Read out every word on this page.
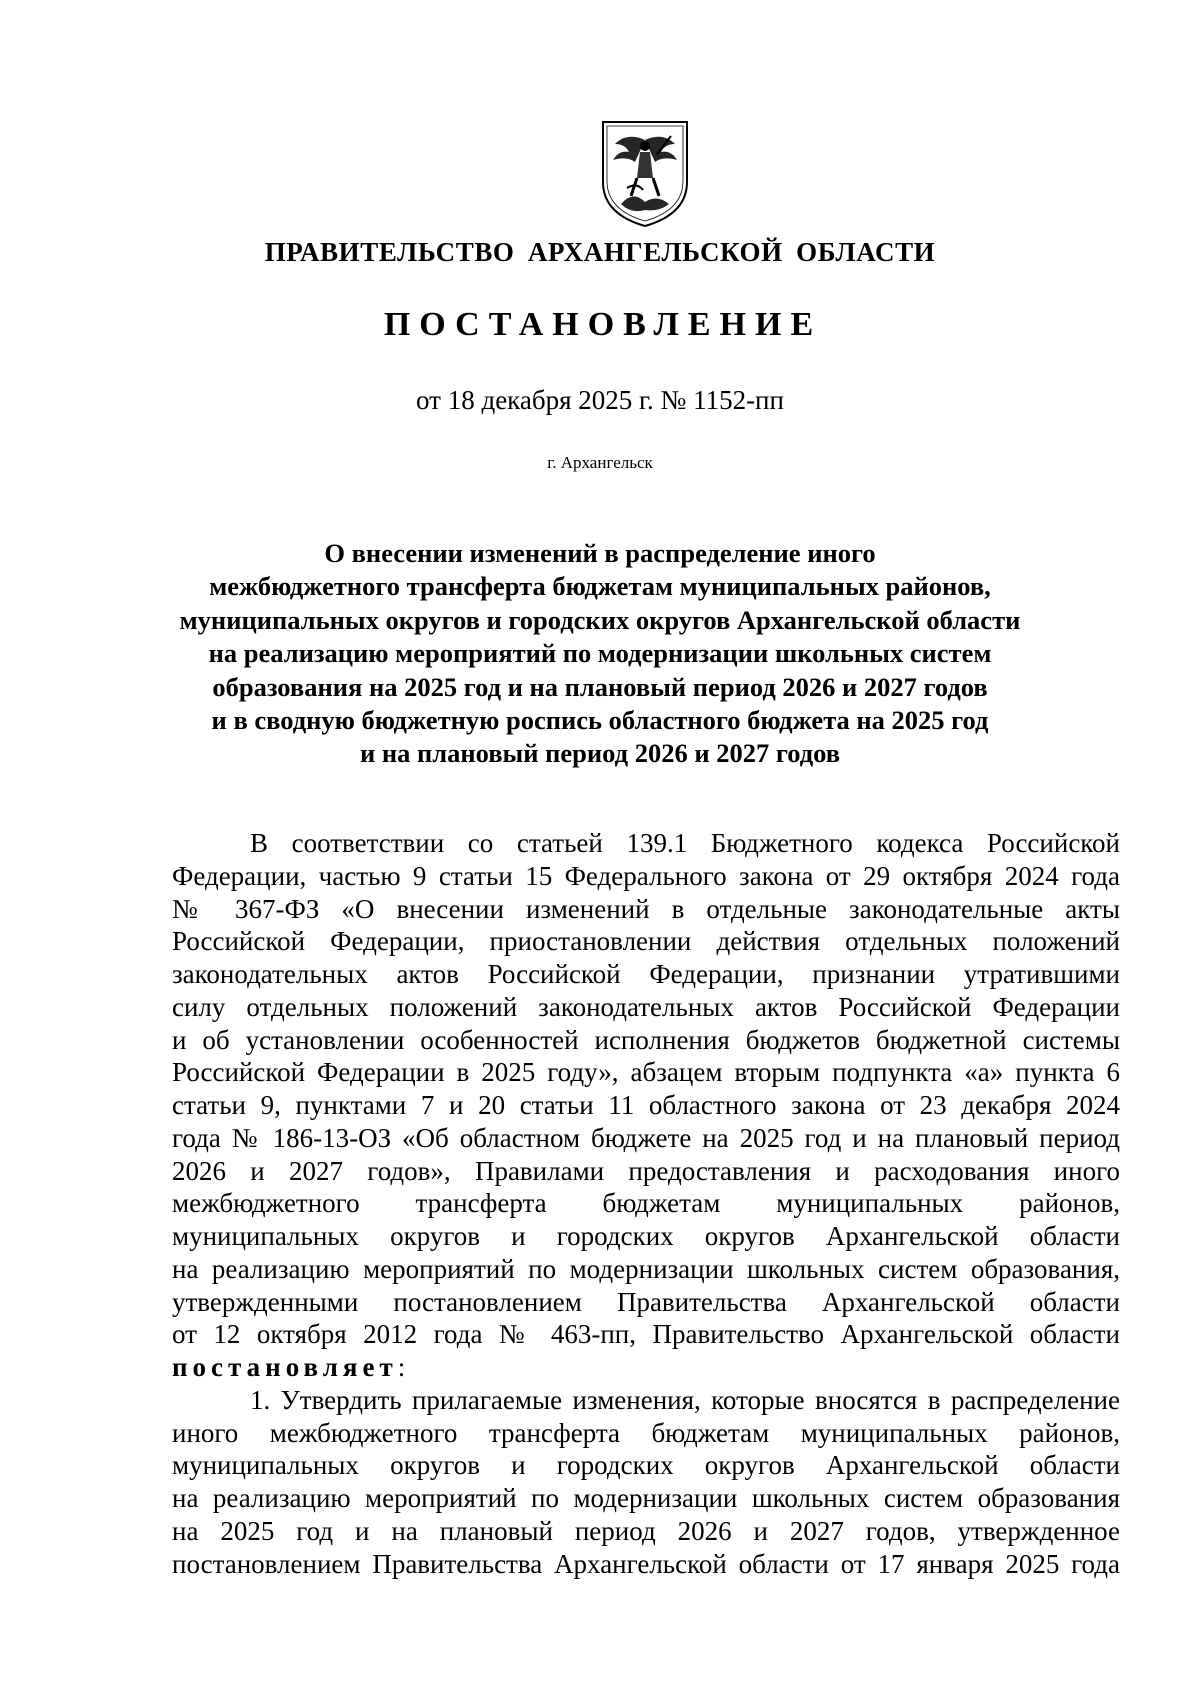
ПРАВИТЕЛЬСТВО АРХАНГЕЛЬСКОЙ ОБЛАСТИ
ПОСТАНОВЛЕНИЕ
от 18 декабря 2025 г. № 1152-пп
г. Архангельск
О внесении изменений в распределение иного
межбюджетного трансферта бюджетам муниципальных районов,
муниципальных округов и городских округов Архангельской области
на реализацию мероприятий по модернизации школьных систем
образования на 2025 год и на плановый период 2026 и 2027 годов
и в сводную бюджетную роспись областного бюджета на 2025 год
и на плановый период 2026 и 2027 годов
В соответствии со статьей 139.1 Бюджетного кодекса Российской
Федерации, частью 9 статьи 15 Федерального закона от 29 октября 2024 года
№ 367-ФЗ «О внесении изменений в отдельные законодательные акты
Российской Федерации, приостановлении действия отдельных положений
законодательных актов Российской Федерации, признании утратившими
силу отдельных положений законодательных актов Российской Федерации
и об установлении особенностей исполнения бюджетов бюджетной системы
Российской Федерации в 2025 году», абзацем вторым подпункта «а» пункта 6
статьи 9, пунктами 7 и 20 статьи 11 областного закона от 23 декабря 2024
года № 186-13-ОЗ «Об областном бюджете на 2025 год и на плановый период
2026 и 2027 годов», Правилами предоставления и расходования иного
межбюджетного трансферта бюджетам муниципальных районов,
муниципальных округов и городских округов Архангельской области
на реализацию мероприятий по модернизации школьных систем образования,
утвержденными постановлением Правительства Архангельской области
от 12 октября 2012 года № 463-пп, Правительство Архангельской области
постановляет:
1. Утвердить прилагаемые изменения, которые вносятся в распределение
иного межбюджетного трансферта бюджетам муниципальных районов,
муниципальных округов и городских округов Архангельской области
на реализацию мероприятий по модернизации школьных систем образования
на 2025 год и на плановый период 2026 и 2027 годов, утвержденное
постановлением Правительства Архангельской области от 17 января 2025 года
